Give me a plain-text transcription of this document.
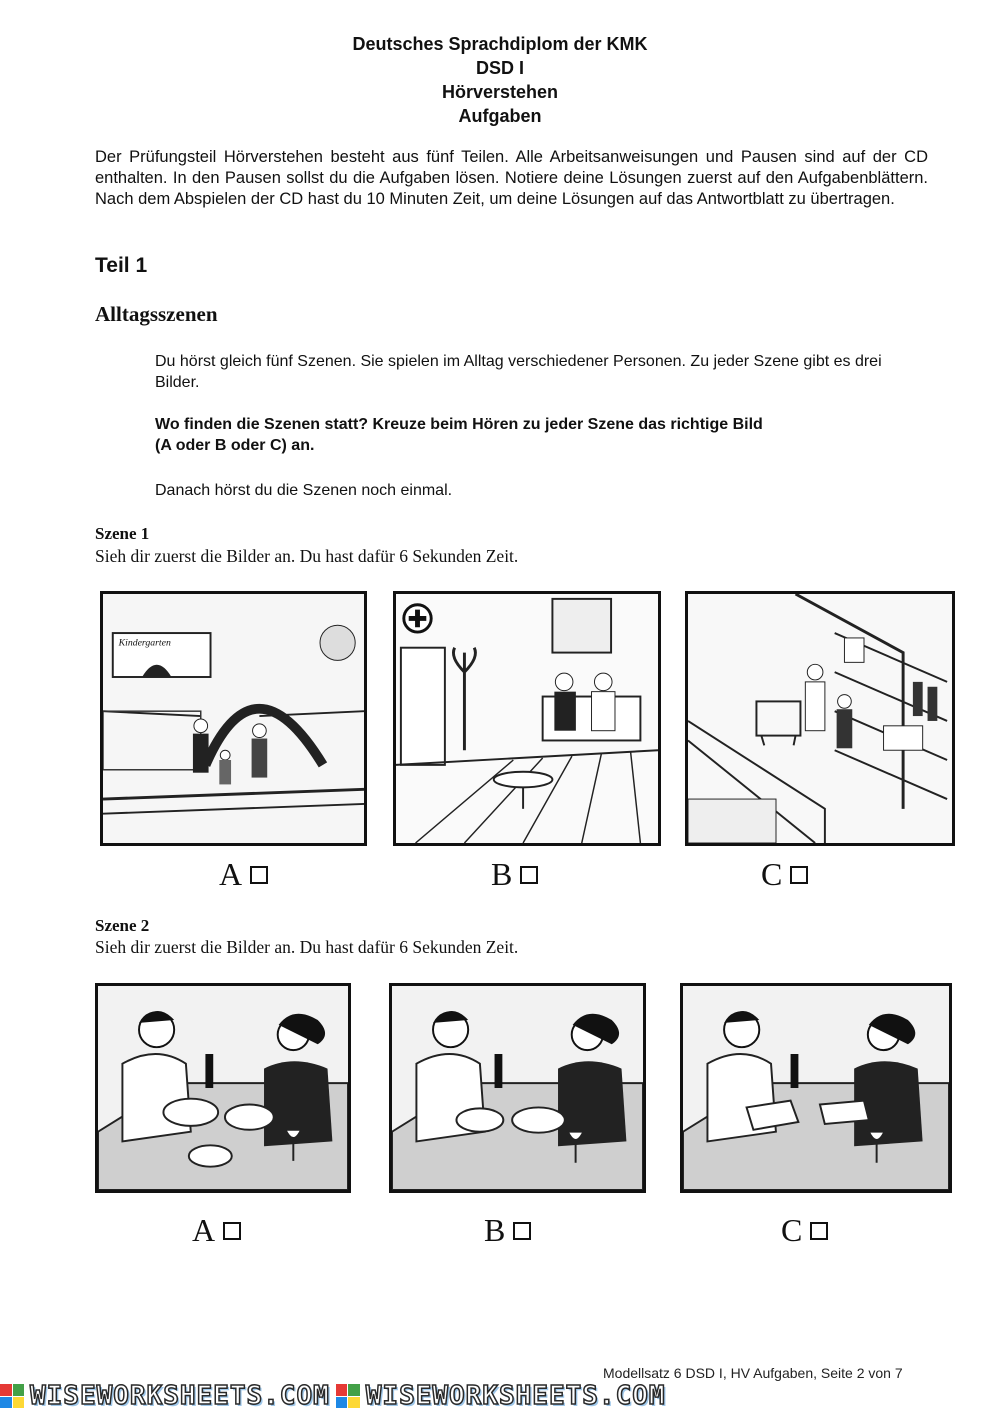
Deutsches Sprachdiplom der KMK
DSD I
Hörverstehen
Aufgaben
Der Prüfungsteil Hörverstehen besteht aus fünf Teilen. Alle Arbeitsanweisungen und Pausen sind auf der CD enthalten. In den Pausen sollst du die Aufgaben lösen. Notiere deine Lösungen zuerst auf den Aufgabenblättern. Nach dem Abspielen der CD hast du 10 Minuten Zeit, um deine Lösungen auf das Antwortblatt zu übertragen.
Teil 1
Alltagsszenen
Du hörst gleich fünf Szenen. Sie spielen im Alltag verschiedener Personen. Zu jeder Szene gibt es drei Bilder.
Wo finden die Szenen statt? Kreuze beim Hören zu jeder Szene das richtige Bild
(A oder B oder C) an.
Danach hörst du die Szenen noch einmal.
Szene 1
Sieh dir zuerst die Bilder an. Du hast dafür 6 Sekunden Zeit.
Kindergarten
A	B	C
Szene 2
Sieh dir zuerst die Bilder an. Du hast dafür 6 Sekunden Zeit.
A	B	C
Modellsatz 6 DSD I, HV Aufgaben, Seite 2 von 7
WISEWORKSHEETS.COM WISEWORKSHEETS.COM
